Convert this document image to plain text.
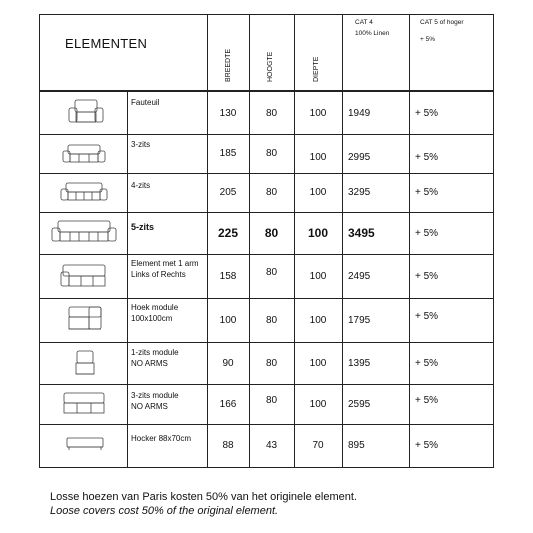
ELEMENTEN
BREEDTE	HOOGTE	DIEPTE
CAT 4
100% Linen
CAT 5 of hoger
+ 5%
Fauteuil
130	80	100	1949	+ 5%
3-zits
185	80	100	2995	+ 5%
4-zits
205	80	100	3295	+ 5%
5-zits	225	80	100	3495	+ 5%
Element met 1 arm
Links of Rechts	158	80	100	2495	+ 5%
Hoek module
100x100cm	100	80	100	1795	+ 5%
1-zits module
NO ARMS	90	80	100	1395	+ 5%
3-zits module
NO ARMS	166	80	100	2595	+ 5%
Hocker 88x70cm
88	43	70	895	+ 5%
Losse hoezen van Paris kosten 50% van het originele element.
Loose covers cost 50% of the original element.
